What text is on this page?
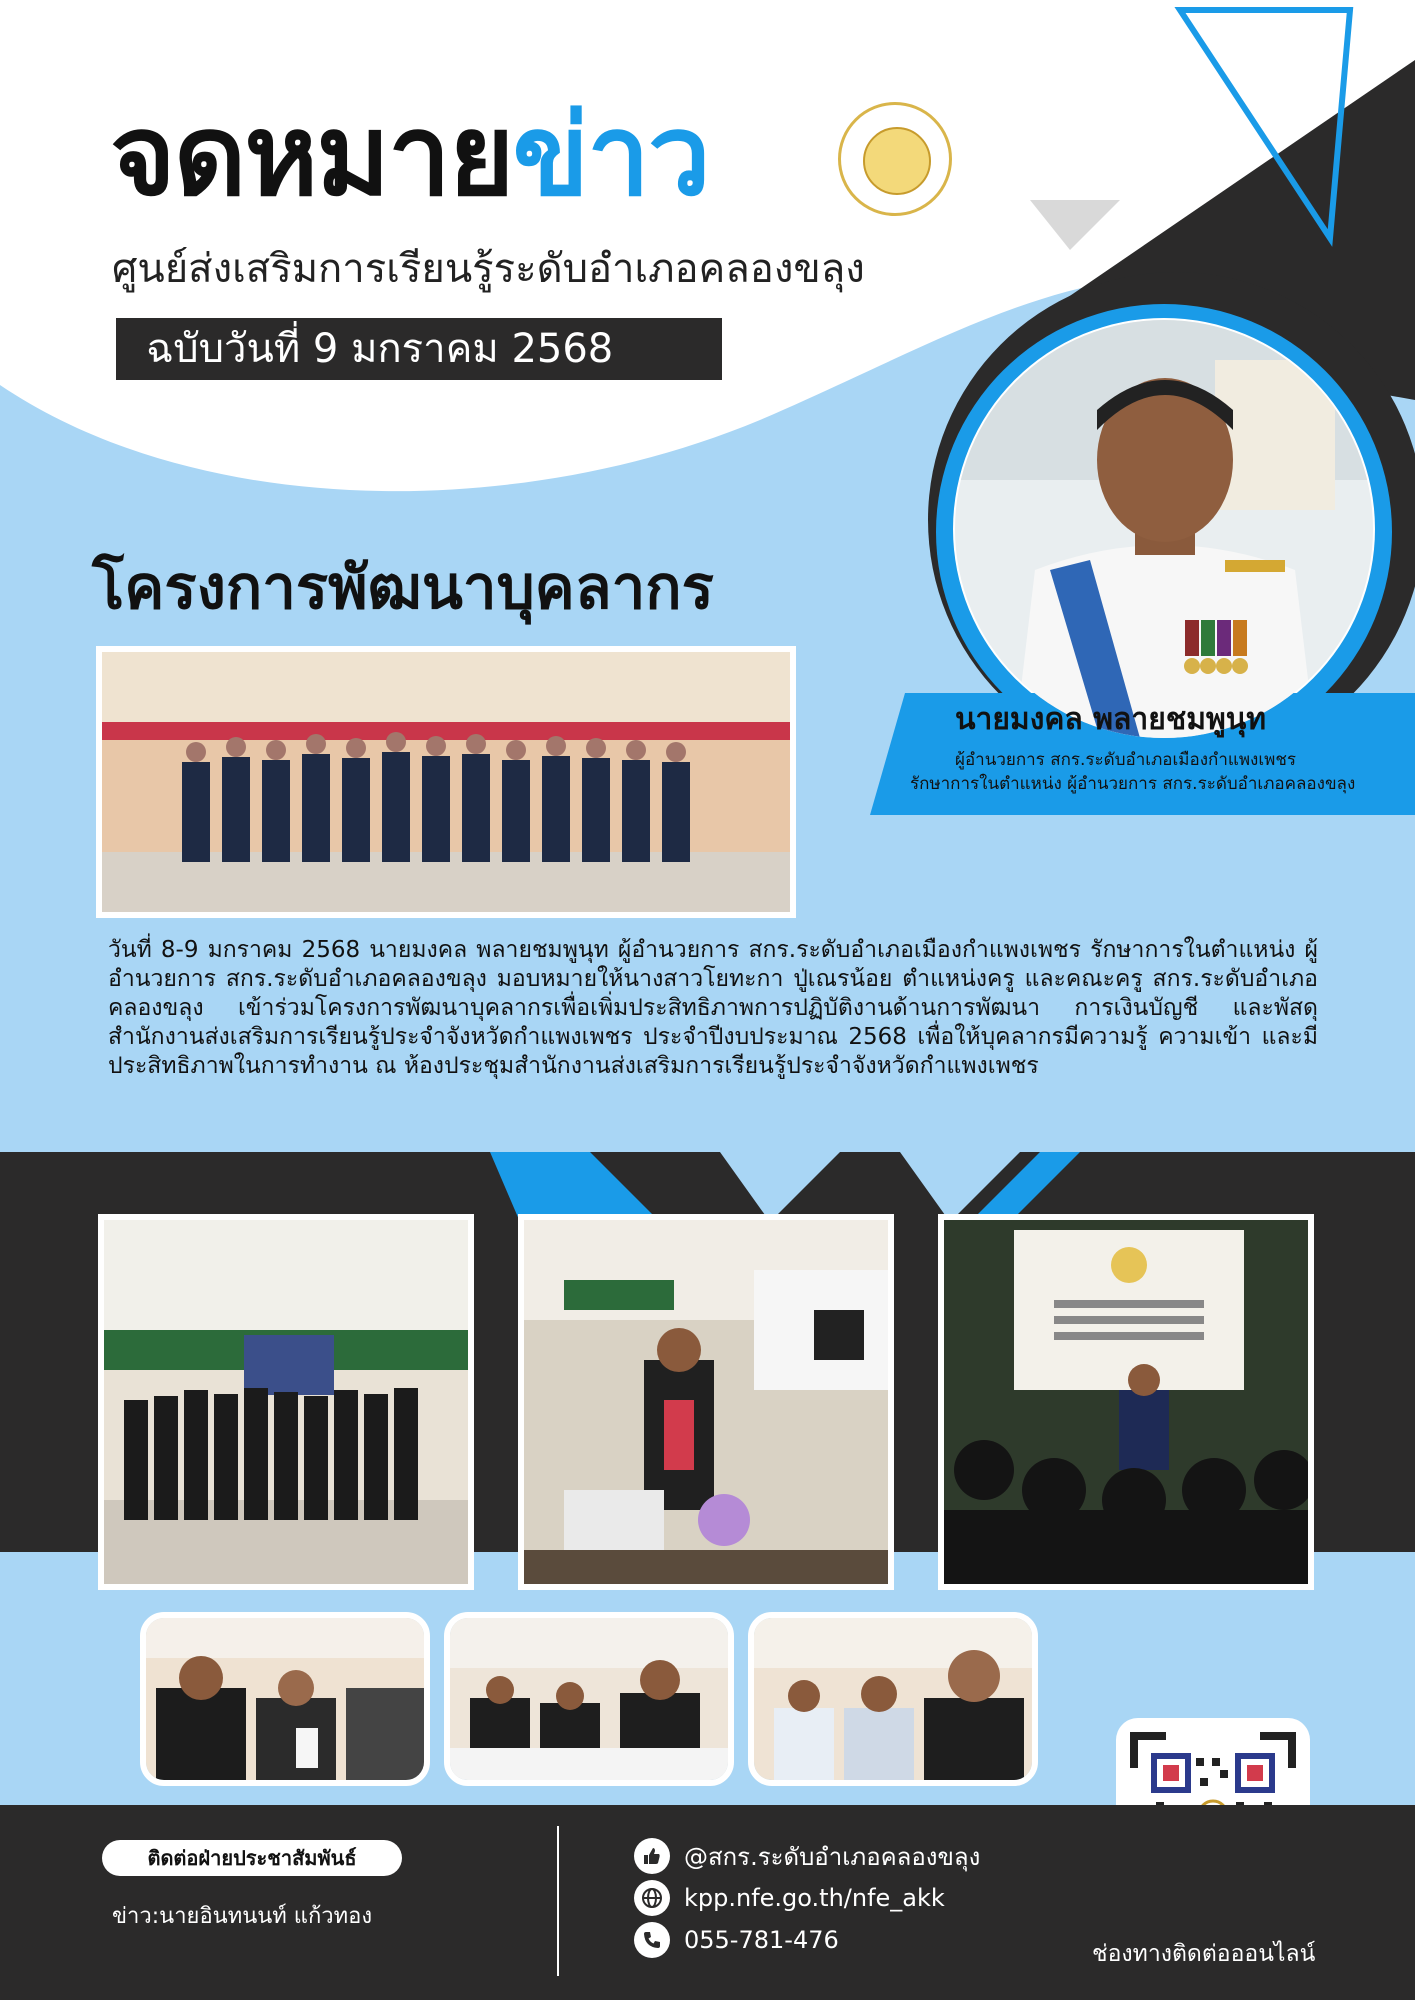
จดหมายข่าว
ศูนย์ส่งเสริมการเรียนรู้ระดับอำเภอคลองขลุง
ฉบับวันที่ 9 มกราคม 2568
นายมงคล พลายชมพูนุท
ผู้อำนวยการ สกร.ระดับอำเภอเมืองกำแพงเพชร
รักษาการในตำแหน่ง ผู้อำนวยการ สกร.ระดับอำเภอคลองขลุง
โครงการพัฒนาบุคลากร
วันที่ 8-9 มกราคม 2568 นายมงคล พลายชมพูนุท ผู้อำนวยการ สกร.ระดับอำเภอเมืองกำแพงเพชร รักษาการในตำแหน่ง ผู้อำนวยการ สกร.ระดับอำเภอคลองขลุง มอบหมายให้นางสาวโยทะกา ปู่เณรน้อย ตำแหน่งครู และคณะครู สกร.ระดับอำเภอคลองขลุง เข้าร่วมโครงการพัฒนาบุคลากรเพื่อเพิ่มประสิทธิภาพการปฏิบัติงานด้านการพัฒนา การเงินบัญชี และพัสดุ สำนักงานส่งเสริมการเรียนรู้ประจำจังหวัดกำแพงเพชร ประจำปีงบประมาณ 2568 เพื่อให้บุคลากรมีความรู้ ความเข้า และมีประสิทธิภาพในการทำงาน ณ ห้องประชุมสำนักงานส่งเสริมการเรียนรู้ประจำจังหวัดกำแพงเพชร
ติดต่อฝ่ายประชาสัมพันธ์
ข่าว:นายอินทนนท์ แก้วทอง
@สกร.ระดับอำเภอคลองขลุง
kpp.nfe.go.th/nfe_akk
055-781-476	ช่องทางติดต่อออนไลน์
